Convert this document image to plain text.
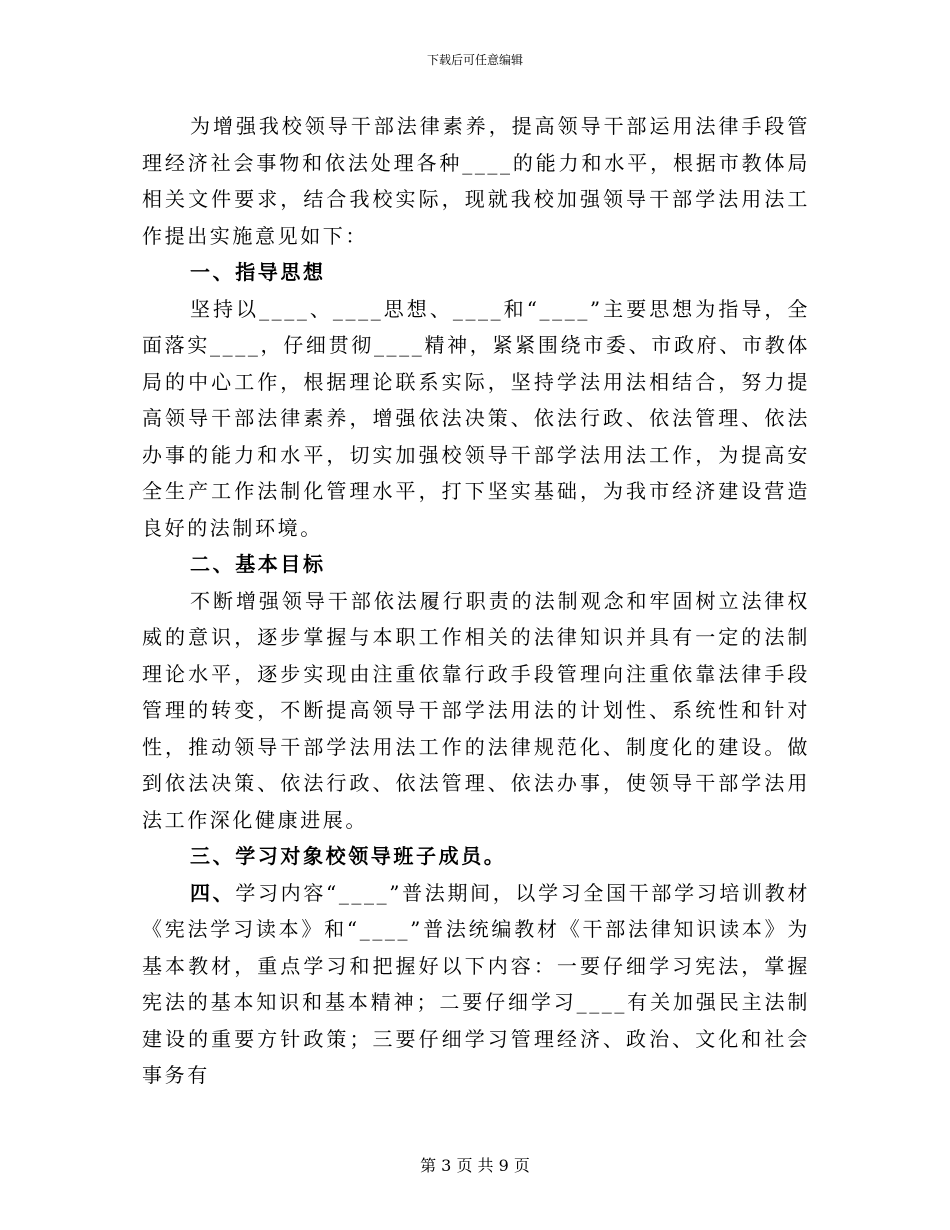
下载后可任意编辑

为增强我校领导干部法律素养，提高领导干部运用法律手段管理经济社会事物和依法处理各种____的能力和水平，根据市教体局相关文件要求，结合我校实际，现就我校加强领导干部学法用法工作提出实施意见如下：

一、指导思想

坚持以____、____思想、____和“____”主要思想为指导，全面落实____，仔细贯彻____精神，紧紧围绕市委、市政府、市教体局的中心工作，根据理论联系实际，坚持学法用法相结合，努力提高领导干部法律素养，增强依法决策、依法行政、依法管理、依法办事的能力和水平，切实加强校领导干部学法用法工作，为提高安全生产工作法制化管理水平，打下坚实基础，为我市经济建设营造良好的法制环境。

二、基本目标

不断增强领导干部依法履行职责的法制观念和牢固树立法律权威的意识，逐步掌握与本职工作相关的法律知识并具有一定的法制理论水平，逐步实现由注重依靠行政手段管理向注重依靠法律手段管理的转变，不断提高领导干部学法用法的计划性、系统性和针对性，推动领导干部学法用法工作的法律规范化、制度化的建设。做到依法决策、依法行政、依法管理、依法办事，使领导干部学法用法工作深化健康进展。

三、学习对象校领导班子成员。

四、学习内容“____”普法期间，以学习全国干部学习培训教材《宪法学习读本》和“____”普法统编教材《干部法律知识读本》为基本教材，重点学习和把握好以下内容：一要仔细学习宪法，掌握宪法的基本知识和基本精神；二要仔细学习____有关加强民主法制建设的重要方针政策；三要仔细学习管理经济、政治、文化和社会事务有

第 3 页 共 9 页
